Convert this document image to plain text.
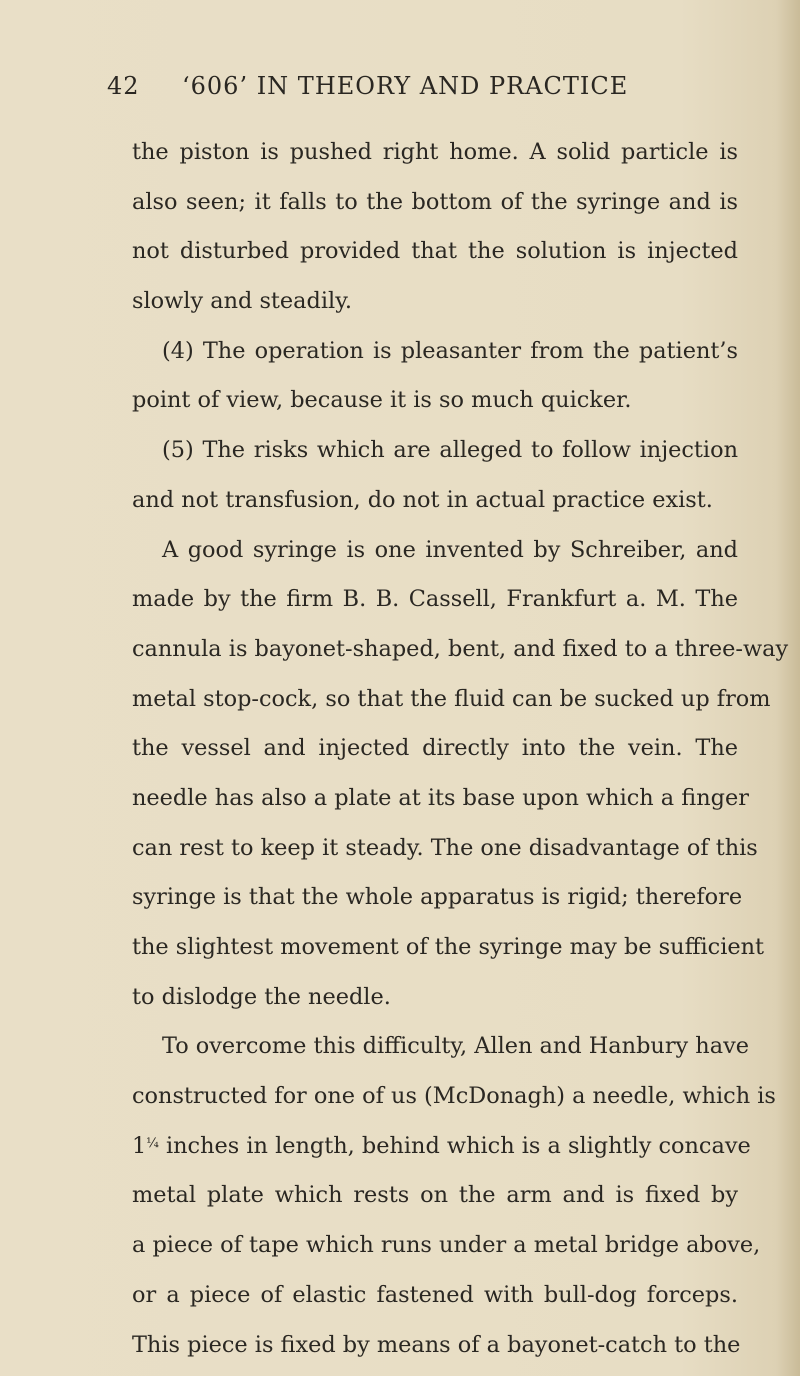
42 ‘606’ IN THEORY AND PRACTICE
the piston is pushed right home. A solid particle is
also seen; it falls to the bottom of the syringe and is
not disturbed provided that the solution is injected
slowly and steadily.
(4) The operation is pleasanter from the patient’s
point of view, because it is so much quicker.
(5) The risks which are alleged to follow injection
and not transfusion, do not in actual practice exist.
A good syringe is one invented by Schreiber, and
made by the firm B. B. Cassell, Frankfurt a. M. The
cannula is bayonet-shaped, bent, and fixed to a three-way
metal stop-cock, so that the fluid can be sucked up from
the vessel and injected directly into the vein. The
needle has also a plate at its base upon which a finger
can rest to keep it steady. The one disadvantage of this
syringe is that the whole apparatus is rigid; therefore
the slightest movement of the syringe may be sufficient
to dislodge the needle.
To overcome this difficulty, Allen and Hanbury have
constructed for one of us (McDonagh) a needle, which is
1¼ inches in length, behind which is a slightly concave
metal plate which rests on the arm and is fixed by
a piece of tape which runs under a metal bridge above,
or a piece of elastic fastened with bull-dog forceps.
This piece is fixed by means of a bayonet-catch to the
